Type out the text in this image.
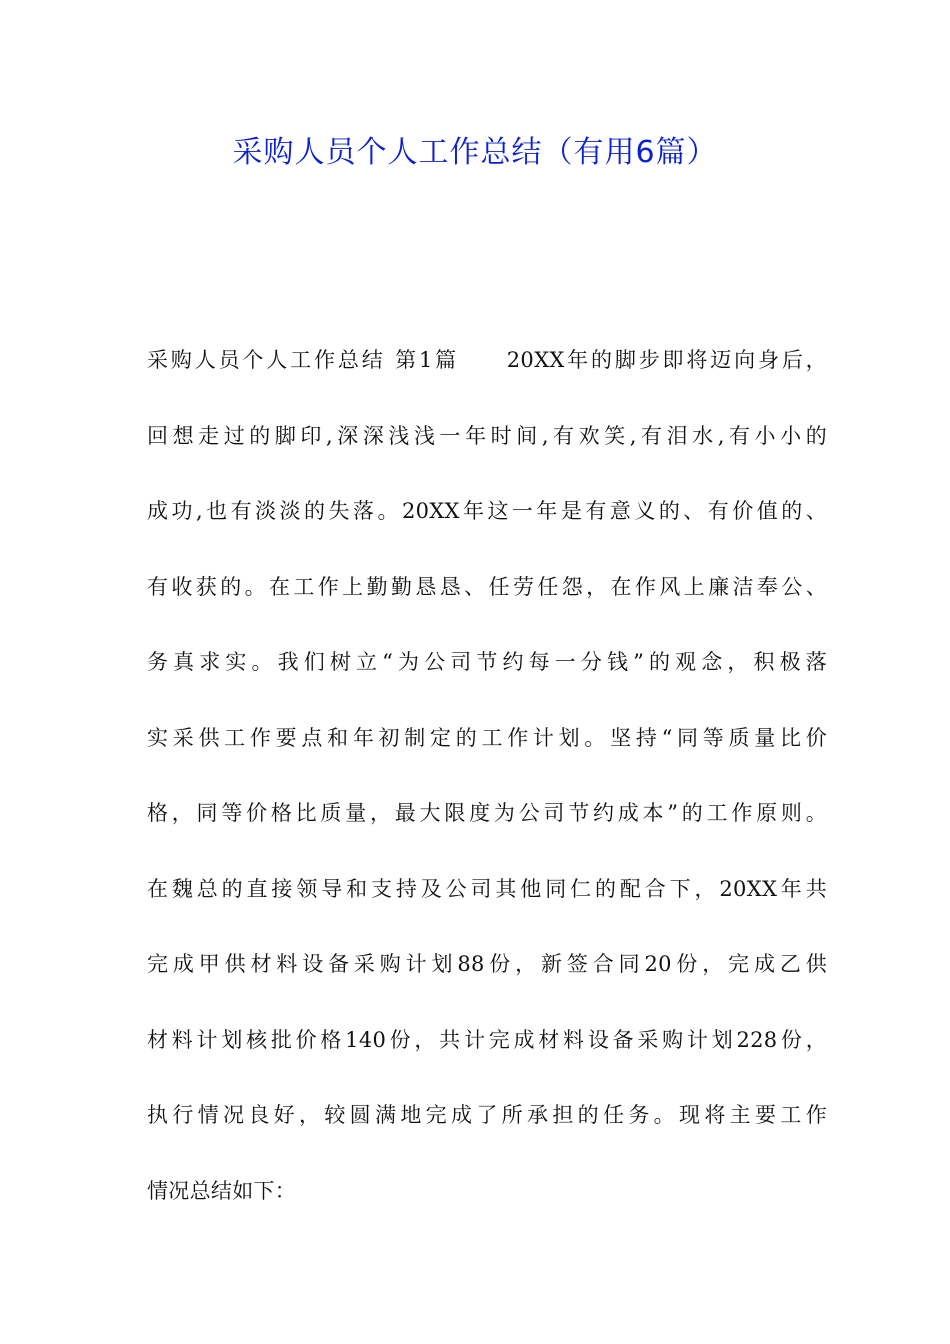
采购人员个人工作总结（有用6篇）
采购人员个人工作总结 第1篇　　20XX年的脚步即将迈向身后，
回想走过的脚印,深深浅浅一年时间,有欢笑,有泪水,有小小的
成功,也有淡淡的失落。20XX年这一年是有意义的、有价值的、
有收获的。在工作上勤勤恳恳、任劳任怨，在作风上廉洁奉公、
务真求实。我们树立“为公司节约每一分钱”的观念，积极落
实采供工作要点和年初制定的工作计划。坚持“同等质量比价
格，同等价格比质量，最大限度为公司节约成本”的工作原则。
在魏总的直接领导和支持及公司其他同仁的配合下，20XX年共
完成甲供材料设备采购计划88份，新签合同20份，完成乙供
材料计划核批价格140份，共计完成材料设备采购计划228份，
执行情况良好，较圆满地完成了所承担的任务。现将主要工作
情况总结如下：
